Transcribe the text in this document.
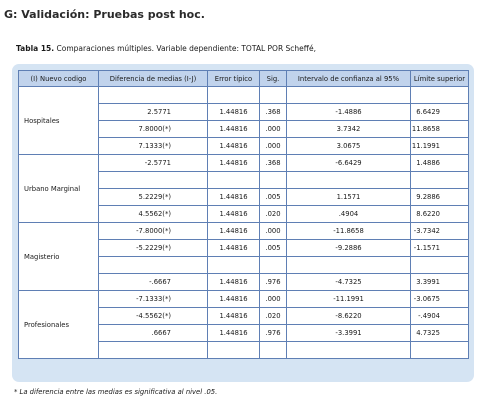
G: Validación: Pruebas post hoc.
Tabla 15. Comparaciones múltiples. Variable dependiente: TOTAL POR Scheffé,
(I) Nuevo codigo	Diferencia de medias (I-J)	Error típico	Sig.	Intervalo de confianza al 95%	Límite superior
Hospitales					
	2.5771	1.44816	.368	-1.4886	6.6429
	7.8000(*)	1.44816	.000	3.7342	11.8658
	7.1333(*)	1.44816	.000	3.0675	11.1991
Urbano Marginal	-2.5771	1.44816	.368	-6.6429	1.4886

	5.2229(*)	1.44816	.005	1.1571	9.2886
	4.5562(*)	1.44816	.020	.4904	8.6220
Magisterio	-7.8000(*)	1.44816	.000	-11.8658	-3.7342
	-5.2229(*)	1.44816	.005	-9.2886	-1.1571

	-.6667	1.44816	.976	-4.7325	3.3991
Profesionales	-7.1333(*)	1.44816	.000	-11.1991	-3.0675
	-4.5562(*)	1.44816	.020	-8.6220	-.4904
	.6667	1.44816	.976	-3.3991	4.7325

* La diferencia entre las medias es significativa al nivel .05.
